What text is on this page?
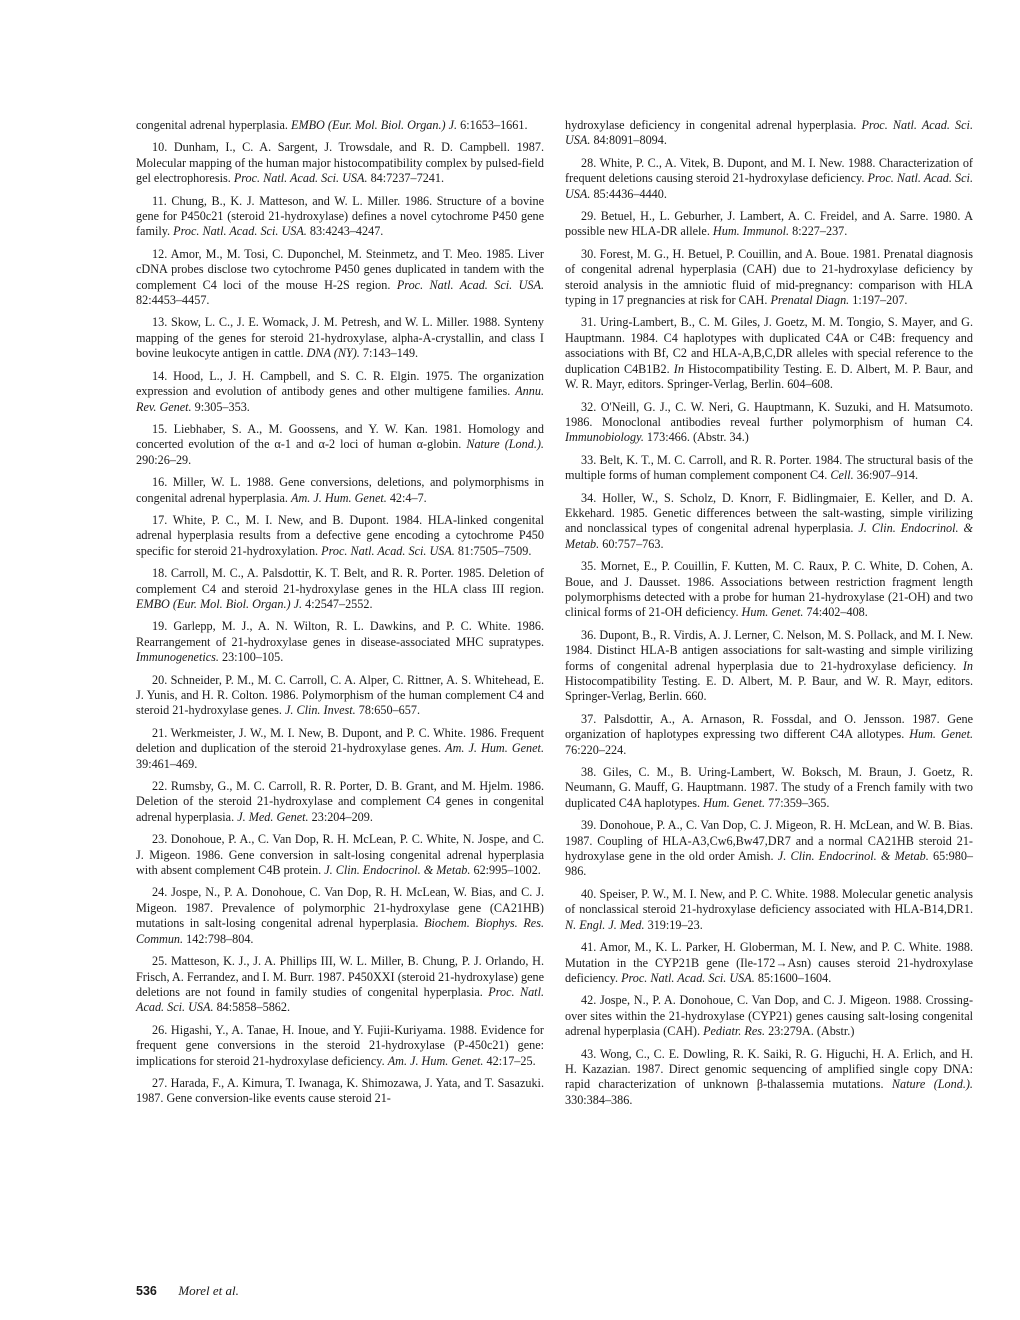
congenital adrenal hyperplasia. EMBO (Eur. Mol. Biol. Organ.) J. 6:1653–1661.

10. Dunham, I., C. A. Sargent, J. Trowsdale, and R. D. Campbell. 1987. Molecular mapping of the human major histocompatibility complex by pulsed-field gel electrophoresis. Proc. Natl. Acad. Sci. USA. 84:7237–7241.

11. Chung, B., K. J. Matteson, and W. L. Miller. 1986. Structure of a bovine gene for P450c21 (steroid 21-hydroxylase) defines a novel cytochrome P450 gene family. Proc. Natl. Acad. Sci. USA. 83:4243–4247.

12. Amor, M., M. Tosi, C. Duponchel, M. Steinmetz, and T. Meo. 1985. Liver cDNA probes disclose two cytochrome P450 genes duplicated in tandem with the complement C4 loci of the mouse H-2S region. Proc. Natl. Acad. Sci. USA. 82:4453–4457.

13. Skow, L. C., J. E. Womack, J. M. Petresh, and W. L. Miller. 1988. Synteny mapping of the genes for steroid 21-hydroxylase, alpha-A-crystallin, and class I bovine leukocyte antigen in cattle. DNA (NY). 7:143–149.

14. Hood, L., J. H. Campbell, and S. C. R. Elgin. 1975. The organization expression and evolution of antibody genes and other multigene families. Annu. Rev. Genet. 9:305–353.

15. Liebhaber, S. A., M. Goossens, and Y. W. Kan. 1981. Homology and concerted evolution of the α-1 and α-2 loci of human α-globin. Nature (Lond.). 290:26–29.

16. Miller, W. L. 1988. Gene conversions, deletions, and polymorphisms in congenital adrenal hyperplasia. Am. J. Hum. Genet. 42:4–7.

17. White, P. C., M. I. New, and B. Dupont. 1984. HLA-linked congenital adrenal hyperplasia results from a defective gene encoding a cytochrome P450 specific for steroid 21-hydroxylation. Proc. Natl. Acad. Sci. USA. 81:7505–7509.

18. Carroll, M. C., A. Palsdottir, K. T. Belt, and R. R. Porter. 1985. Deletion of complement C4 and steroid 21-hydroxylase genes in the HLA class III region. EMBO (Eur. Mol. Biol. Organ.) J. 4:2547–2552.

19. Garlepp, M. J., A. N. Wilton, R. L. Dawkins, and P. C. White. 1986. Rearrangement of 21-hydroxylase genes in disease-associated MHC supratypes. Immunogenetics. 23:100–105.

20. Schneider, P. M., M. C. Carroll, C. A. Alper, C. Rittner, A. S. Whitehead, E. J. Yunis, and H. R. Colton. 1986. Polymorphism of the human complement C4 and steroid 21-hydroxylase genes. J. Clin. Invest. 78:650–657.

21. Werkmeister, J. W., M. I. New, B. Dupont, and P. C. White. 1986. Frequent deletion and duplication of the steroid 21-hydroxylase genes. Am. J. Hum. Genet. 39:461–469.

22. Rumsby, G., M. C. Carroll, R. R. Porter, D. B. Grant, and M. Hjelm. 1986. Deletion of the steroid 21-hydroxylase and complement C4 genes in congenital adrenal hyperplasia. J. Med. Genet. 23:204–209.

23. Donohoue, P. A., C. Van Dop, R. H. McLean, P. C. White, N. Jospe, and C. J. Migeon. 1986. Gene conversion in salt-losing congenital adrenal hyperplasia with absent complement C4B protein. J. Clin. Endocrinol. & Metab. 62:995–1002.

24. Jospe, N., P. A. Donohoue, C. Van Dop, R. H. McLean, W. Bias, and C. J. Migeon. 1987. Prevalence of polymorphic 21-hydroxylase gene (CA21HB) mutations in salt-losing congenital adrenal hyperplasia. Biochem. Biophys. Res. Commun. 142:798–804.

25. Matteson, K. J., J. A. Phillips III, W. L. Miller, B. Chung, P. J. Orlando, H. Frisch, A. Ferrandez, and I. M. Burr. 1987. P450XXI (steroid 21-hydroxylase) gene deletions are not found in family studies of congenital hyperplasia. Proc. Natl. Acad. Sci. USA. 84:5858–5862.

26. Higashi, Y., A. Tanae, H. Inoue, and Y. Fujii-Kuriyama. 1988. Evidence for frequent gene conversions in the steroid 21-hydroxylase (P-450c21) gene: implications for steroid 21-hydroxylase deficiency. Am. J. Hum. Genet. 42:17–25.

27. Harada, F., A. Kimura, T. Iwanaga, K. Shimozawa, J. Yata, and T. Sasazuki. 1987. Gene conversion-like events cause steroid 21-

hydroxylase deficiency in congenital adrenal hyperplasia. Proc. Natl. Acad. Sci. USA. 84:8091–8094.

28. White, P. C., A. Vitek, B. Dupont, and M. I. New. 1988. Characterization of frequent deletions causing steroid 21-hydroxylase deficiency. Proc. Natl. Acad. Sci. USA. 85:4436–4440.

29. Betuel, H., L. Geburher, J. Lambert, A. C. Freidel, and A. Sarre. 1980. A possible new HLA-DR allele. Hum. Immunol. 8:227–237.

30. Forest, M. G., H. Betuel, P. Couillin, and A. Boue. 1981. Prenatal diagnosis of congenital adrenal hyperplasia (CAH) due to 21-hydroxylase deficiency by steroid analysis in the amniotic fluid of mid-pregnancy: comparison with HLA typing in 17 pregnancies at risk for CAH. Prenatal Diagn. 1:197–207.

31. Uring-Lambert, B., C. M. Giles, J. Goetz, M. M. Tongio, S. Mayer, and G. Hauptmann. 1984. C4 haplotypes with duplicated C4A or C4B: frequency and associations with Bf, C2 and HLA-A,B,C,DR alleles with special reference to the duplication C4B1B2. In Histocompatibility Testing. E. D. Albert, M. P. Baur, and W. R. Mayr, editors. Springer-Verlag, Berlin. 604–608.

32. O'Neill, G. J., C. W. Neri, G. Hauptmann, K. Suzuki, and H. Matsumoto. 1986. Monoclonal antibodies reveal further polymorphism of human C4. Immunobiology. 173:466. (Abstr. 34.)

33. Belt, K. T., M. C. Carroll, and R. R. Porter. 1984. The structural basis of the multiple forms of human complement component C4. Cell. 36:907–914.

34. Holler, W., S. Scholz, D. Knorr, F. Bidlingmaier, E. Keller, and D. A. Ekkehard. 1985. Genetic differences between the salt-wasting, simple virilizing and nonclassical types of congenital adrenal hyperplasia. J. Clin. Endocrinol. & Metab. 60:757–763.

35. Mornet, E., P. Couillin, F. Kutten, M. C. Raux, P. C. White, D. Cohen, A. Boue, and J. Dausset. 1986. Associations between restriction fragment length polymorphisms detected with a probe for human 21-hydroxylase (21-OH) and two clinical forms of 21-OH deficiency. Hum. Genet. 74:402–408.

36. Dupont, B., R. Virdis, A. J. Lerner, C. Nelson, M. S. Pollack, and M. I. New. 1984. Distinct HLA-B antigen associations for salt-wasting and simple virilizing forms of congenital adrenal hyperplasia due to 21-hydroxylase deficiency. In Histocompatibility Testing. E. D. Albert, M. P. Baur, and W. R. Mayr, editors. Springer-Verlag, Berlin. 660.

37. Palsdottir, A., A. Arnason, R. Fossdal, and O. Jensson. 1987. Gene organization of haplotypes expressing two different C4A allotypes. Hum. Genet. 76:220–224.

38. Giles, C. M., B. Uring-Lambert, W. Boksch, M. Braun, J. Goetz, R. Neumann, G. Mauff, G. Hauptmann. 1987. The study of a French family with two duplicated C4A haplotypes. Hum. Genet. 77:359–365.

39. Donohoue, P. A., C. Van Dop, C. J. Migeon, R. H. McLean, and W. B. Bias. 1987. Coupling of HLA-A3,Cw6,Bw47,DR7 and a normal CA21HB steroid 21-hydroxylase gene in the old order Amish. J. Clin. Endocrinol. & Metab. 65:980–986.

40. Speiser, P. W., M. I. New, and P. C. White. 1988. Molecular genetic analysis of nonclassical steroid 21-hydroxylase deficiency associated with HLA-B14,DR1. N. Engl. J. Med. 319:19–23.

41. Amor, M., K. L. Parker, H. Globerman, M. I. New, and P. C. White. 1988. Mutation in the CYP21B gene (Ile-172→Asn) causes steroid 21-hydroxylase deficiency. Proc. Natl. Acad. Sci. USA. 85:1600–1604.

42. Jospe, N., P. A. Donohoue, C. Van Dop, and C. J. Migeon. 1988. Crossing-over sites within the 21-hydroxylase (CYP21) genes causing salt-losing congenital adrenal hyperplasia (CAH). Pediatr. Res. 23:279A. (Abstr.)

43. Wong, C., C. E. Dowling, R. K. Saiki, R. G. Higuchi, H. A. Erlich, and H. H. Kazazian. 1987. Direct genomic sequencing of amplified single copy DNA: rapid characterization of unknown β-thalassemia mutations. Nature (Lond.). 330:384–386.

536 Morel et al.
